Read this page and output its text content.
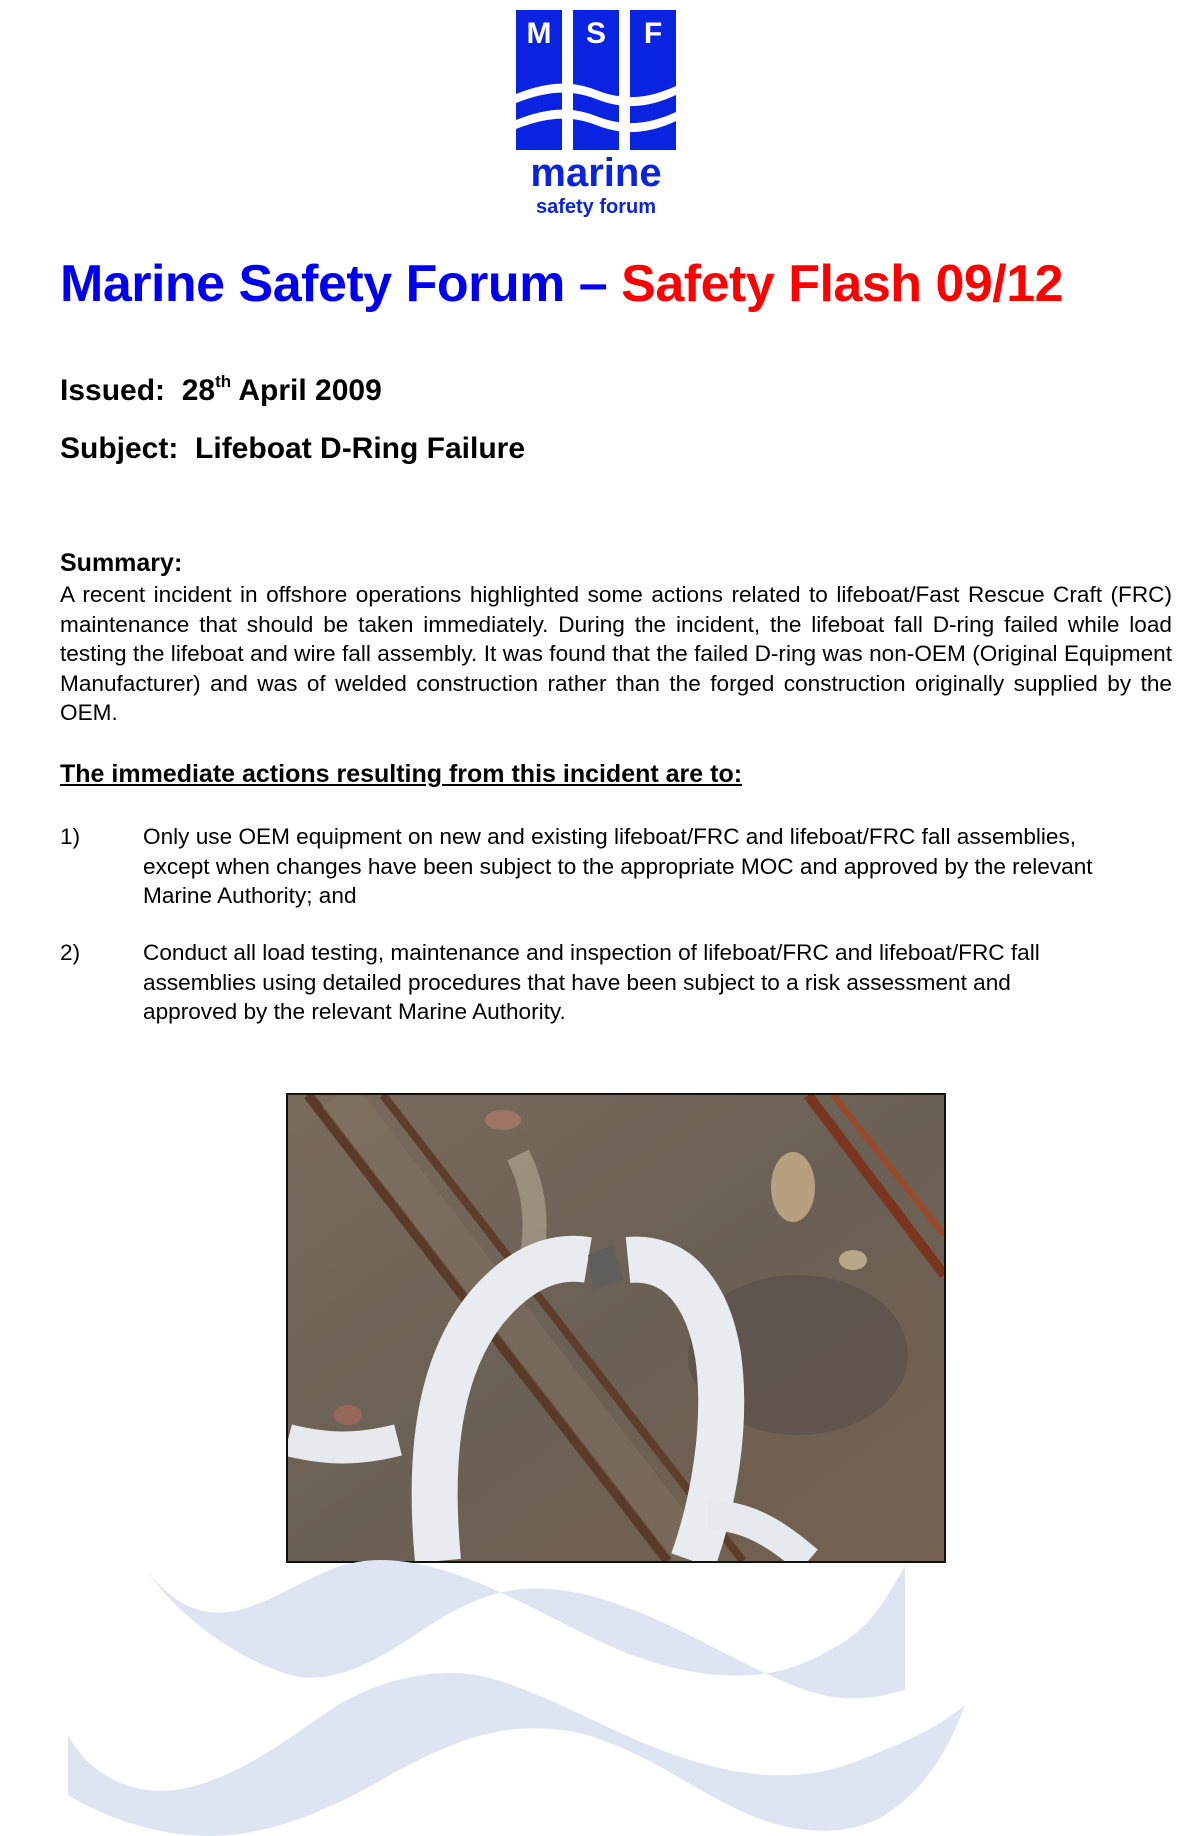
M	S	F
marine
safety forum
Marine Safety Forum – Safety Flash 09/12
Issued: 28th April 2009
Subject: Lifeboat D-Ring Failure
Summary:
A recent incident in offshore operations highlighted some actions related to lifeboat/Fast Rescue Craft (FRC) maintenance that should be taken immediately. During the incident, the lifeboat fall D-ring failed while load testing the lifeboat and wire fall assembly. It was found that the failed D-ring was non-OEM (Original Equipment Manufacturer) and was of welded construction rather than the forged construction originally supplied by the OEM.
The immediate actions resulting from this incident are to:
1)	Only use OEM equipment on new and existing lifeboat/FRC and lifeboat/FRC fall assemblies, except when changes have been subject to the appropriate MOC and approved by the relevant Marine Authority; and
2)	Conduct all load testing, maintenance and inspection of lifeboat/FRC and lifeboat/FRC fall assemblies using detailed procedures that have been subject to a risk assessment and approved by the relevant Marine Authority.
